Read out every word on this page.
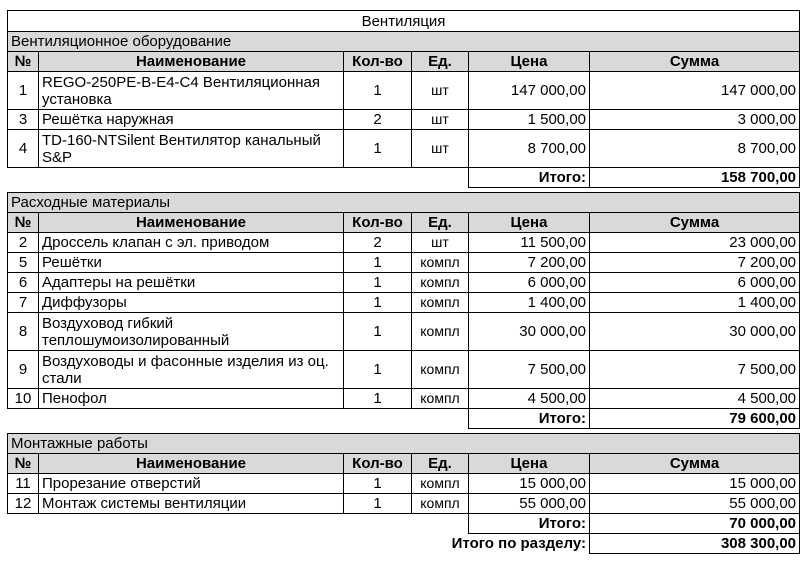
Вентиляция					
Вентиляционное оборудование					
№	Наименование	Кол-во	Ед.	Цена	Сумма
1	REGO-250PE-B-E4-C4 Вентиляционная установка	1	шт	147 000,00	147 000,00
3	Решётка наружная	2	шт	1 500,00	3 000,00
4	TD-160-NTSilent Вентилятор канальный S&P	1	шт	8 700,00	8 700,00
				Итого:	158 700,00

Расходные материалы					
№	Наименование	Кол-во	Ед.	Цена	Сумма
2	Дроссель клапан с эл. приводом	2	шт	11 500,00	23 000,00
5	Решётки	1	компл	7 200,00	7 200,00
6	Адаптеры на решётки	1	компл	6 000,00	6 000,00
7	Диффузоры	1	компл	1 400,00	1 400,00
8	Воздуховод гибкий теплошумоизолированный	1	компл	30 000,00	30 000,00
9	Воздуховоды и фасонные изделия из оц. стали	1	компл	7 500,00	7 500,00
10	Пенофол	1	компл	4 500,00	4 500,00
				Итого:	79 600,00

Монтажные работы					
№	Наименование	Кол-во	Ед.	Цена	Сумма
11	Прорезание отверстий	1	компл	15 000,00	15 000,00
12	Монтаж системы вентиляции	1	компл	55 000,00	55 000,00
				Итого:	70 000,00
			Итого по разделу:		308 300,00
